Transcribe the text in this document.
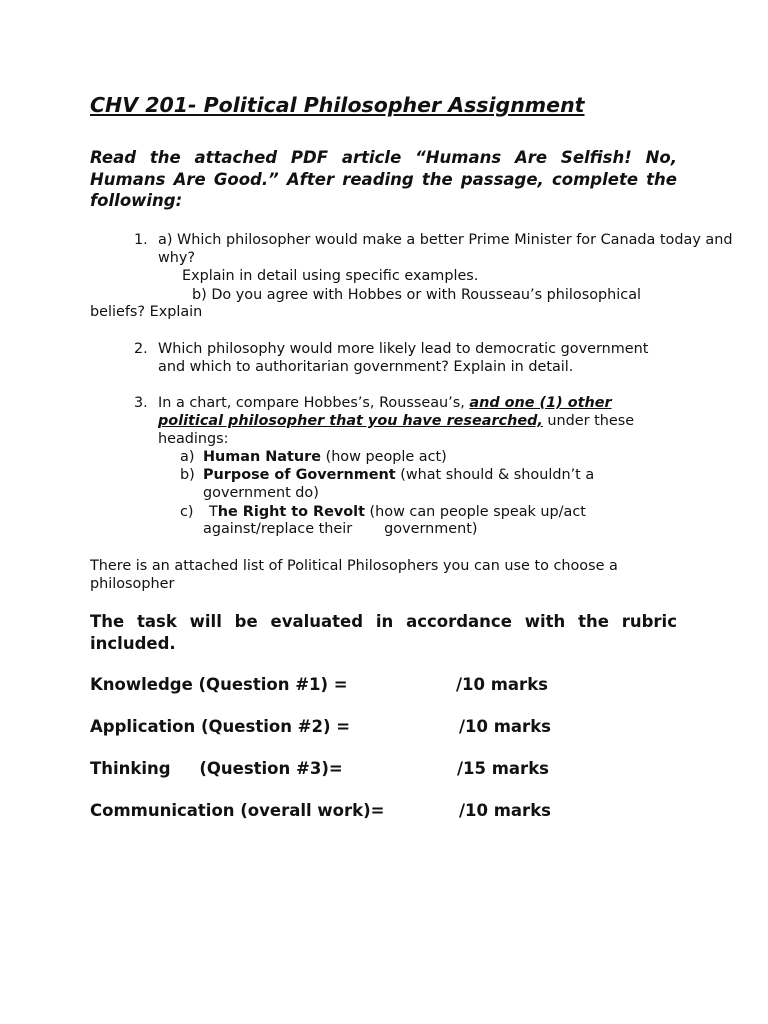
CHV 201- Political Philosopher Assignment
Read the attached PDF article “Humans Are Selfish! No, Humans Are Good.” After reading the passage, complete the following:
1. a) Which philosopher would make a better Prime Minister for Canada today and
why?
Explain in detail using specific examples.
b) Do you agree with Hobbes or with Rousseau’s philosophical
beliefs? Explain
2. Which philosophy would more likely lead to democratic government
and which to authoritarian government? Explain in detail.
3. In a chart, compare Hobbes’s, Rousseau’s, and one (1) other
political philosopher that you have researched, under these
headings:
a) Human Nature (how people act)
b) Purpose of Government (what should & shouldn’t a
government do)
c) The Right to Revolt (how can people speak up/act
against/replace their       government)
There is an attached list of Political Philosophers you can use to choose a
philosopher
The task will be evaluated in accordance with the rubric included.
Knowledge (Question #1) =	/10 marks
Application (Question #2) =	/10 marks
Thinking     (Question #3)=	/15 marks
Communication (overall work)=	/10 marks
